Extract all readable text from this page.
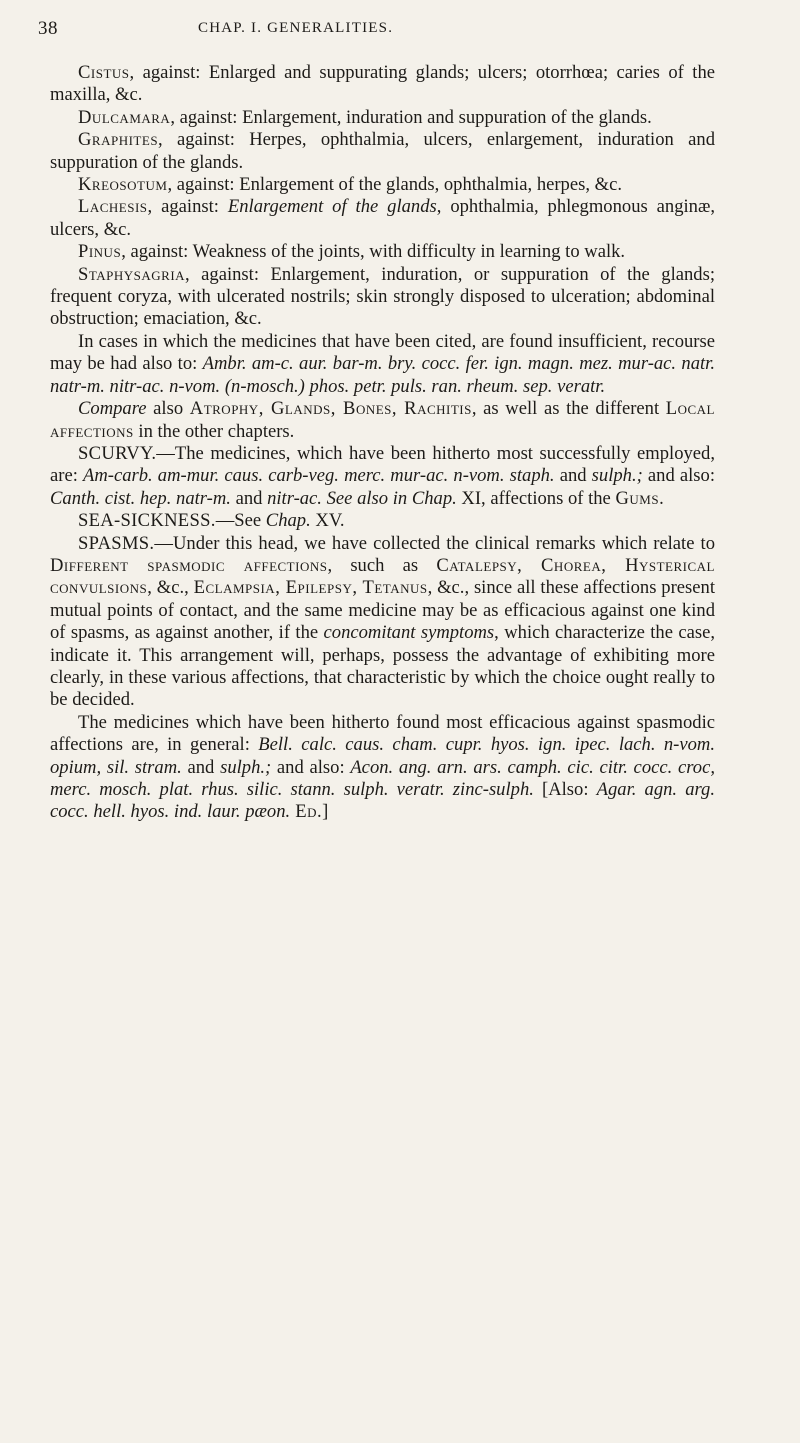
38	CHAP. I. GENERALITIES.

Cistus, against: Enlarged and suppurating glands; ulcers; otorrhœa; caries of the maxilla, &c.

Dulcamara, against: Enlargement, induration and suppuration of the glands.

Graphites, against: Herpes, ophthalmia, ulcers, enlargement, induration and suppuration of the glands.

Kreosotum, against: Enlargement of the glands, ophthalmia, herpes, &c.

Lachesis, against: Enlargement of the glands, ophthalmia, phlegmonous anginæ, ulcers, &c.

Pinus, against: Weakness of the joints, with difficulty in learning to walk.

Staphysagria, against: Enlargement, induration, or suppuration of the glands; frequent coryza, with ulcerated nostrils; skin strongly disposed to ulceration; abdominal obstruction; emaciation, &c.

In cases in which the medicines that have been cited, are found insufficient, recourse may be had also to: Ambr. am-c. aur. bar-m. bry. cocc. fer. ign. magn. mez. mur-ac. natr. natr-m. nitr-ac. n-vom. (n-mosch.) phos. petr. puls. ran. rheum. sep. veratr.

Compare also Atrophy, Glands, Bones, Rachitis, as well as the different Local affections in the other chapters.

SCURVY.—The medicines, which have been hitherto most successfully employed, are: Am-carb. am-mur. caus. carb-veg. merc. mur-ac. n-vom. staph. and sulph.; and also: Canth. cist. hep. natr-m. and nitr-ac. See also in Chap. XI, affections of the Gums.

SEA-SICKNESS.—See Chap. XV.

SPASMS.—Under this head, we have collected the clinical remarks which relate to Different spasmodic affections, such as Catalepsy, Chorea, Hysterical convulsions, &c., Eclampsia, Epilepsy, Tetanus, &c., since all these affections present mutual points of contact, and the same medicine may be as efficacious against one kind of spasms, as against another, if the concomitant symptoms, which characterize the case, indicate it. This arrangement will, perhaps, possess the advantage of exhibiting more clearly, in these various affections, that characteristic by which the choice ought really to be decided.

The medicines which have been hitherto found most efficacious against spasmodic affections are, in general: Bell. calc. caus. cham. cupr. hyos. ign. ipec. lach. n-vom. opium, sil. stram. and sulph.; and also: Acon. ang. arn. ars. camph. cic. citr. cocc. croc, merc. mosch. plat. rhus. silic. stann. sulph. veratr. zinc-sulph. [Also: Agar. agn. arg. cocc. hell. hyos. ind. laur. pæon. Ed.]
